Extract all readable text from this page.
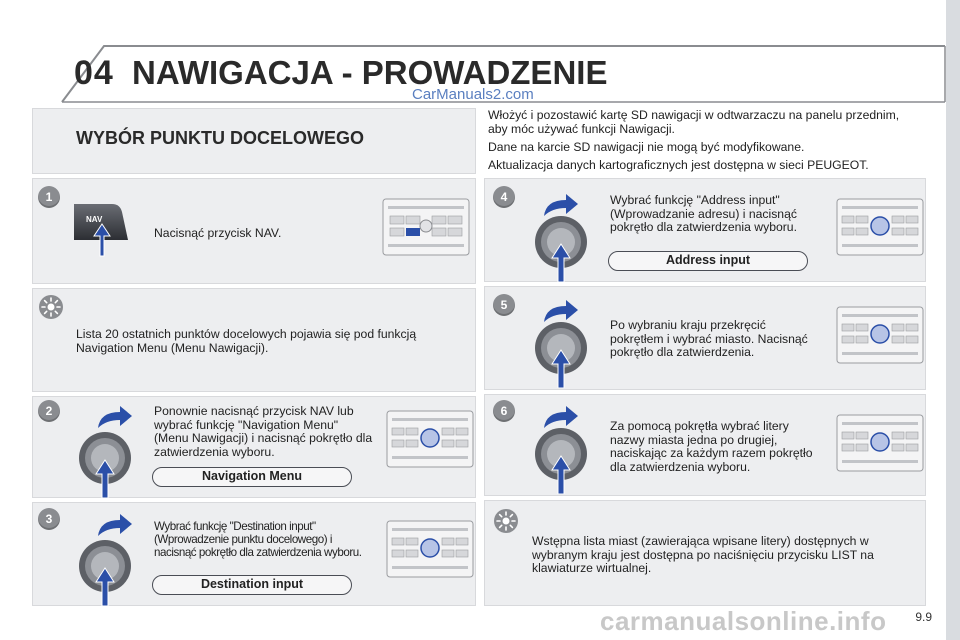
04 NAWIGACJA - PROWADZENIE
CarManuals2.com
WYBÓR PUNKTU DOCELOWEGO

Włożyć i pozostawić kartę SD nawigacji w odtwarzaczu na panelu przednim, aby móc używać funkcji Nawigacji.

Dane na karcie SD nawigacji nie mogą być modyfikowane.

Aktualizacja danych kartograficznych jest dostępna w sieci PEUGEOT.

1
2
3
4
5
6
NAV
Nacisnąć przycisk NAV.
Lista 20 ostatnich punktów docelowych pojawia się pod funkcją Navigation Menu (Menu Nawigacji).
Ponownie nacisnąć przycisk NAV lub wybrać funkcję "Navigation Menu" (Menu Nawigacji) i nacisnąć pokrętło dla zatwierdzenia wyboru.
Navigation Menu
Wybrać funkcję "Destination input" (Wprowadzenie punktu docelowego) i nacisnąć pokrętło dla zatwierdzenia wyboru.
Destination input
Wybrać funkcję "Address input" (Wprowadzanie adresu) i nacisnąć pokrętło dla zatwierdzenia wyboru.
Address input
Po wybraniu kraju przekręcić pokrętłem i wybrać miasto. Nacisnąć pokrętło dla zatwierdzenia.
Za pomocą pokrętła wybrać litery nazwy miasta jedna po drugiej, naciskając za każdym razem pokrętło dla zatwierdzenia wyboru.
Wstępna lista miast (zawierająca wpisane litery) dostępnych w wybranym kraju jest dostępna po naciśnięciu przycisku LIST na klawiaturze wirtualnej.
carmanualsonline.info 9.9
